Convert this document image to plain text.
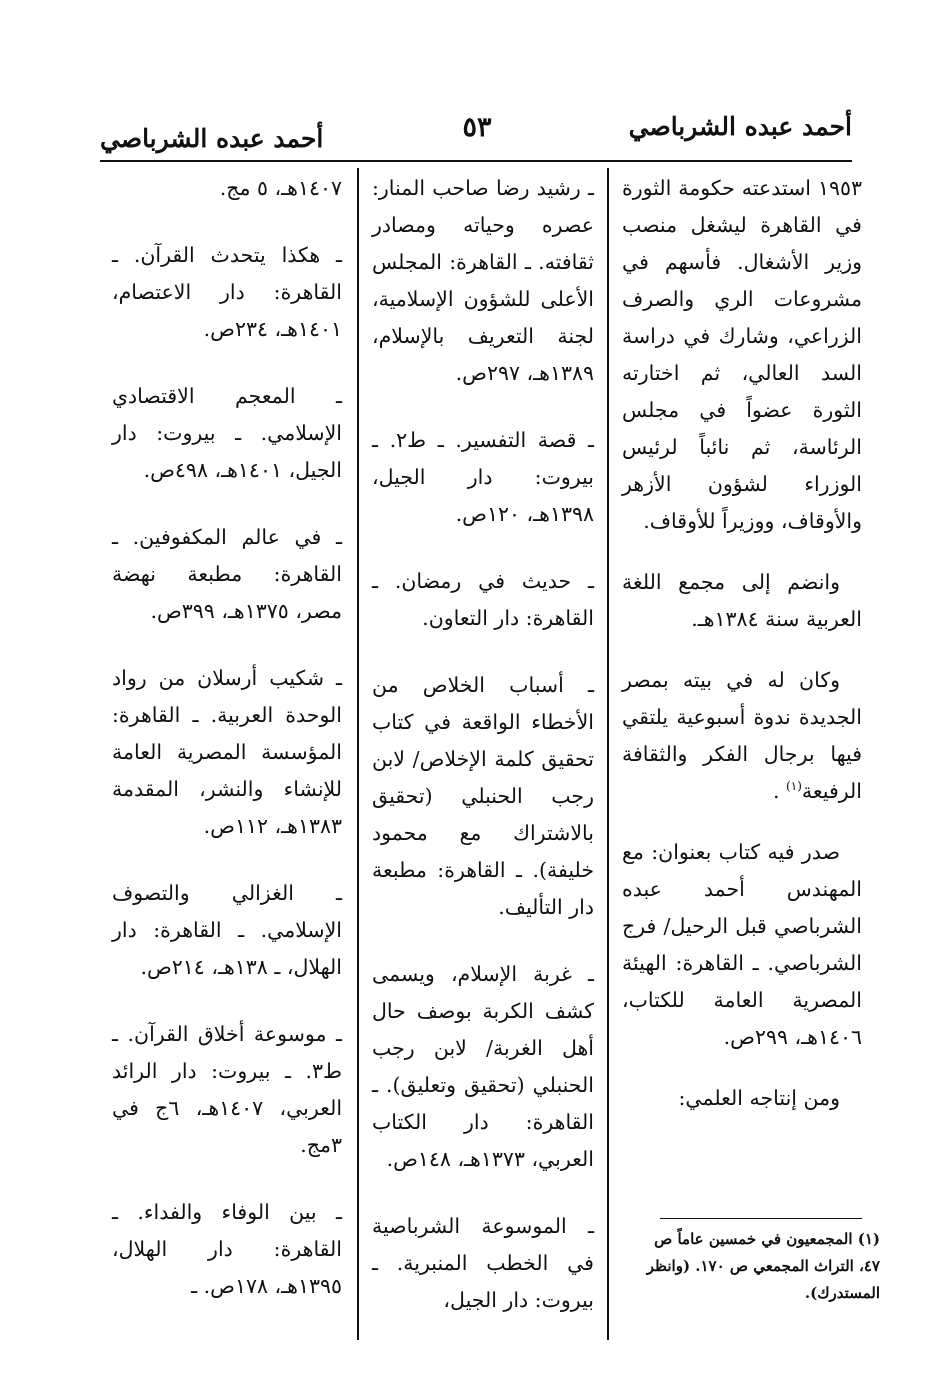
أحمد عبده الشرباصي
٥٣
أحمد عبده الشرباصي

١٩٥٣ استدعته حكومة الثورة في القاهرة ليشغل منصب وزير الأشغال. فأسهم في مشروعات الري والصرف الزراعي، وشارك في دراسة السد العالي، ثم اختارته الثورة عضواً في مجلس الرئاسة، ثم نائباً لرئيس الوزراء لشؤون الأزهر والأوقاف، ووزيراً للأوقاف.

وانضم إلى مجمع اللغة العربية سنة ١٣٨٤هـ.

وكان له في بيته بمصر الجديدة ندوة أسبوعية يلتقي فيها برجال الفكر والثقافة الرفيعة$^{(١)}$ .

صدر فيه كتاب بعنوان: مع المهندس أحمد عبده الشرباصي قبل الرحيل/ فرج الشرباصي. ـ القاهرة: الهيئة المصرية العامة للكتاب، ١٤٠٦هـ، ٢٩٩ص.

ومن إنتاجه العلمي:

ـ رشيد رضا صاحب المنار: عصره وحياته ومصادر ثقافته. ـ القاهرة: المجلس الأعلى للشؤون الإسلامية، لجنة التعريف بالإسلام، ١٣٨٩هـ، ٢٩٧ص.

ـ قصة التفسير. ـ ط٢. ـ بيروت: دار الجيل، ١٣٩٨هـ، ١٢٠ص.

ـ حديث في رمضان. ـ القاهرة: دار التعاون.

ـ أسباب الخلاص من الأخطاء الواقعة في كتاب تحقيق كلمة الإخلاص/ لابن رجب الحنبلي (تحقيق بالاشتراك مع محمود خليفة). ـ القاهرة: مطبعة دار التأليف.

ـ غربة الإسلام، ويسمى كشف الكربة بوصف حال أهل الغربة/ لابن رجب الحنبلي (تحقيق وتعليق). ـ القاهرة: دار الكتاب العربي، ١٣٧٣هـ، ١٤٨ص.

ـ الموسوعة الشرباصية في الخطب المنبرية. ـ بيروت: دار الجيل،

١٤٠٧هـ، ٥ مج.

ـ هكذا يتحدث القرآن. ـ القاهرة: دار الاعتصام، ١٤٠١هـ، ٢٣٤ص.

ـ المعجم الاقتصادي الإسلامي. ـ بيروت: دار الجيل، ١٤٠١هـ، ٤٩٨ص.

ـ في عالم المكفوفين. ـ القاهرة: مطبعة نهضة مصر، ١٣٧٥هـ، ٣٩٩ص.

ـ شكيب أرسلان من رواد الوحدة العربية. ـ القاهرة: المؤسسة المصرية العامة للإنشاء والنشر، المقدمة ١٣٨٣هـ، ١١٢ص.

ـ الغزالي والتصوف الإسلامي. ـ القاهرة: دار الهلال، ـ ١٣٨هـ، ٢١٤ص.

ـ موسوعة أخلاق القرآن. ـ ط٣. ـ بيروت: دار الرائد العربي، ١٤٠٧هـ، ٦ج في ٣مج.

ـ بين الوفاء والفداء. ـ القاهرة: دار الهلال، ١٣٩٥هـ، ١٧٨ص. ـ

(١) المجمعيون في خمسين عاماً ص ٤٧، التراث المجمعي ص ١٧٠. (وانظر المستدرك).
